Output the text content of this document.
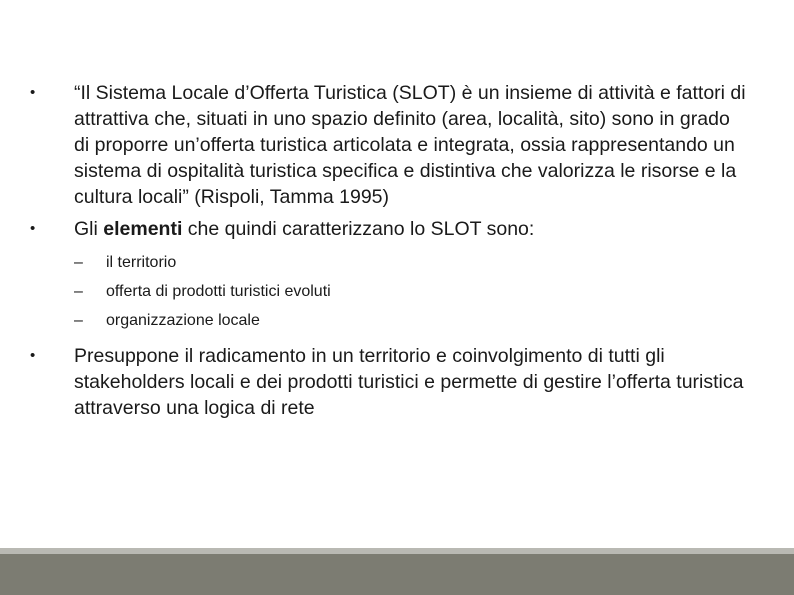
• “Il Sistema Locale d’Offerta Turistica (SLOT) è un insieme di attività e fattori di attrattiva che, situati in uno spazio definito (area, località, sito) sono in grado di proporre un’offerta turistica articolata e integrata, ossia rappresentando un sistema di ospitalità turistica specifica e distintiva che valorizza le risorse e la cultura locali” (Rispoli, Tamma 1995)
• Gli elementi che quindi caratterizzano lo SLOT sono:
– il territorio
– offerta di prodotti turistici evoluti
– organizzazione locale
• Presuppone il radicamento in un territorio e coinvolgimento di tutti gli stakeholders locali e dei prodotti turistici e permette di gestire l’offerta turistica attraverso una logica di rete
